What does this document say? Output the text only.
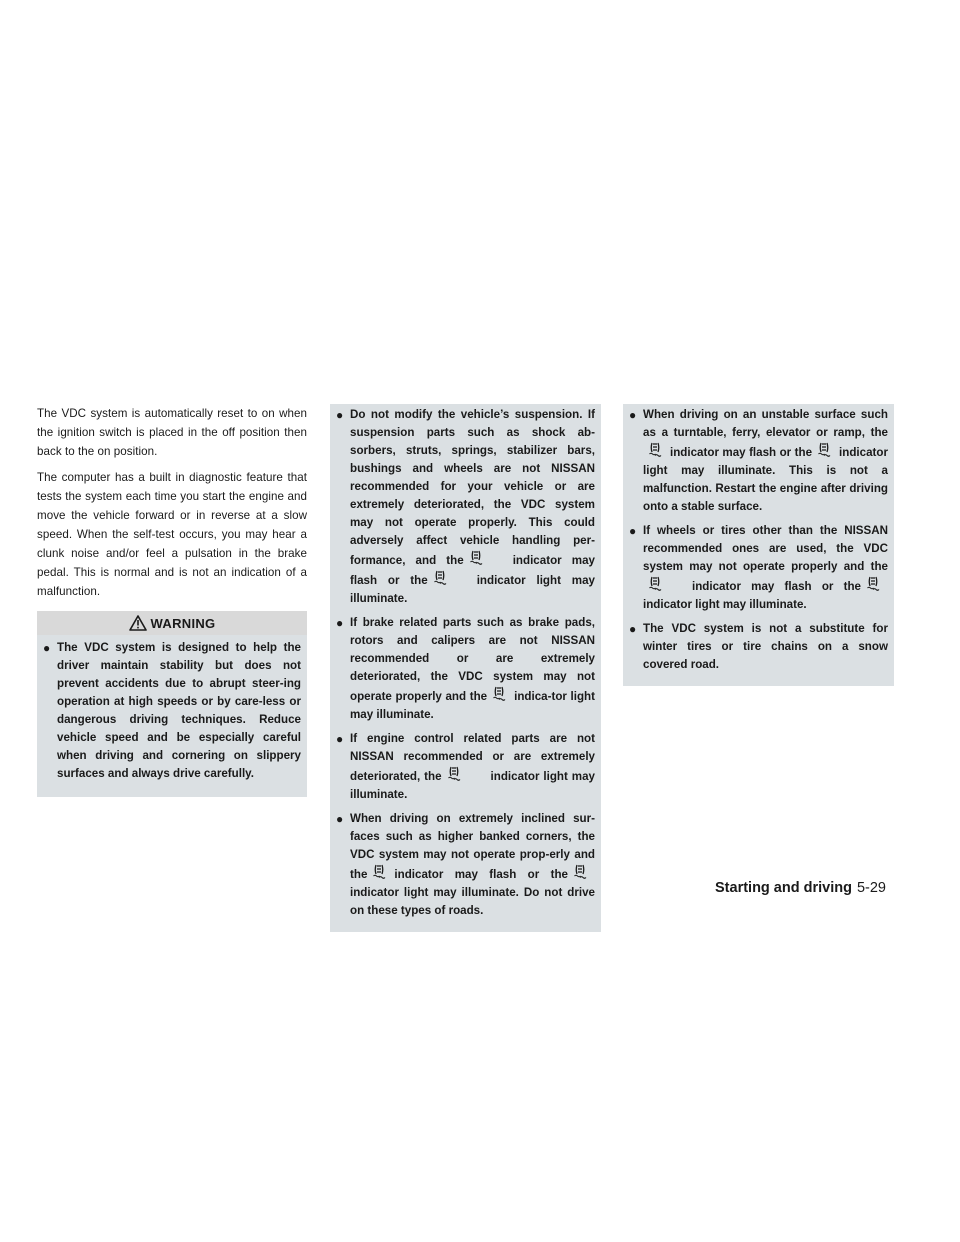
The VDC system is automatically reset to on when the ignition switch is placed in the off position then back to the on position.

The computer has a built in diagnostic feature that tests the system each time you start the engine and move the vehicle forward or in reverse at a slow speed. When the self-test occurs, you may hear a clunk noise and/or feel a pulsation in the brake pedal. This is normal and is not an indication of a malfunction.

WARNING
● The VDC system is designed to help the driver maintain stability but does not prevent accidents due to abrupt steer-ing operation at high speeds or by care-less or dangerous driving techniques. Reduce vehicle speed and be especially careful when driving and cornering on slippery surfaces and always drive carefully.
● Do not modify the vehicle’s suspension. If suspension parts such as shock ab-sorbers, struts, springs, stabilizer bars, bushings and wheels are not NISSAN recommended for your vehicle or are extremely deteriorated, the VDC system may not operate properly. This could adversely affect vehicle handling per-formance, and the	indicator may flash or the	indicator light may illuminate.
● If brake related parts such as brake pads, rotors and calipers are not NISSAN recommended or are extremely deteriorated, the VDC system may not operate properly and the indica-tor light may illuminate.
● If engine control related parts are not NISSAN recommended or are extremely deteriorated, the	indicator light may illuminate.
● When driving on extremely inclined sur-faces such as higher banked corners, the VDC system may not operate prop-erly and the indicator may flash or theindicator light may illuminate. Do not drive on these types of roads.
● When driving on an unstable surface such as a turntable, ferry, elevator or ramp, theindicator may flash or the indicator light may illuminate. This is not a malfunction. Restart the engine after driving onto a stable surface.
● If wheels or tires other than the NISSAN recommended ones are used, the VDC system may not operate properly and theindicator may flash or theindicator light may illuminate.
● The VDC system is not a substitute for winter tires or tire chains on a snow covered road.
Starting and driving 5-29
